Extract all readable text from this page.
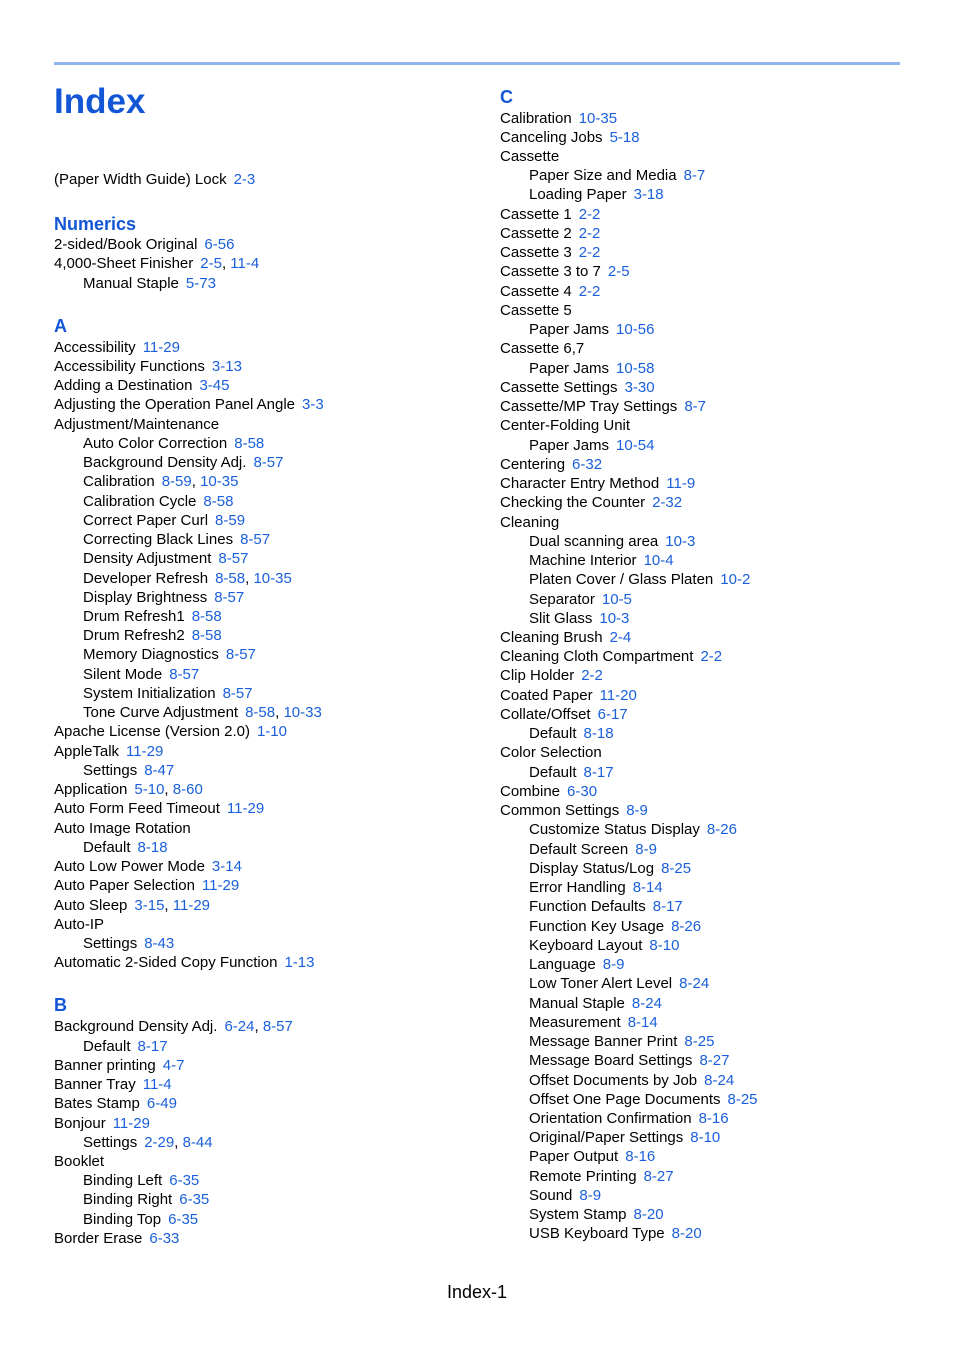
Index
(Paper Width Guide) Lock 2-3
Numerics
2-sided/Book Original 6-56
4,000-Sheet Finisher 2-5, 11-4
Manual Staple 5-73
A
Accessibility 11-29
Accessibility Functions 3-13
Adding a Destination 3-45
Adjusting the Operation Panel Angle 3-3
Adjustment/Maintenance
Auto Color Correction 8-58
Background Density Adj. 8-57
Calibration 8-59, 10-35
Calibration Cycle 8-58
Correct Paper Curl 8-59
Correcting Black Lines 8-57
Density Adjustment 8-57
Developer Refresh 8-58, 10-35
Display Brightness 8-57
Drum Refresh1 8-58
Drum Refresh2 8-58
Memory Diagnostics 8-57
Silent Mode 8-57
System Initialization 8-57
Tone Curve Adjustment 8-58, 10-33
Apache License (Version 2.0) 1-10
AppleTalk 11-29
Settings 8-47
Application 5-10, 8-60
Auto Form Feed Timeout 11-29
Auto Image Rotation
Default 8-18
Auto Low Power Mode 3-14
Auto Paper Selection 11-29
Auto Sleep 3-15, 11-29
Auto-IP
Settings 8-43
Automatic 2-Sided Copy Function 1-13
B
Background Density Adj. 6-24, 8-57
Default 8-17
Banner printing 4-7
Banner Tray 11-4
Bates Stamp 6-49
Bonjour 11-29
Settings 2-29, 8-44
Booklet
Binding Left 6-35
Binding Right 6-35
Binding Top 6-35
Border Erase 6-33
C
Calibration 10-35
Canceling Jobs 5-18
Cassette
Paper Size and Media 8-7
Loading Paper 3-18
Cassette 1 2-2
Cassette 2 2-2
Cassette 3 2-2
Cassette 3 to 7 2-5
Cassette 4 2-2
Cassette 5
Paper Jams 10-56
Cassette 6,7
Paper Jams 10-58
Cassette Settings 3-30
Cassette/MP Tray Settings 8-7
Center-Folding Unit
Paper Jams 10-54
Centering 6-32
Character Entry Method 11-9
Checking the Counter 2-32
Cleaning
Dual scanning area 10-3
Machine Interior 10-4
Platen Cover / Glass Platen 10-2
Separator 10-5
Slit Glass 10-3
Cleaning Brush 2-4
Cleaning Cloth Compartment 2-2
Clip Holder 2-2
Coated Paper 11-20
Collate/Offset 6-17
Default 8-18
Color Selection
Default 8-17
Combine 6-30
Common Settings 8-9
Customize Status Display 8-26
Default Screen 8-9
Display Status/Log 8-25
Error Handling 8-14
Function Defaults 8-17
Function Key Usage 8-26
Keyboard Layout 8-10
Language 8-9
Low Toner Alert Level 8-24
Manual Staple 8-24
Measurement 8-14
Message Banner Print 8-25
Message Board Settings 8-27
Offset Documents by Job 8-24
Offset One Page Documents 8-25
Orientation Confirmation 8-16
Original/Paper Settings 8-10
Paper Output 8-16
Remote Printing 8-27
Sound 8-9
System Stamp 8-20
USB Keyboard Type 8-20
Index-1
